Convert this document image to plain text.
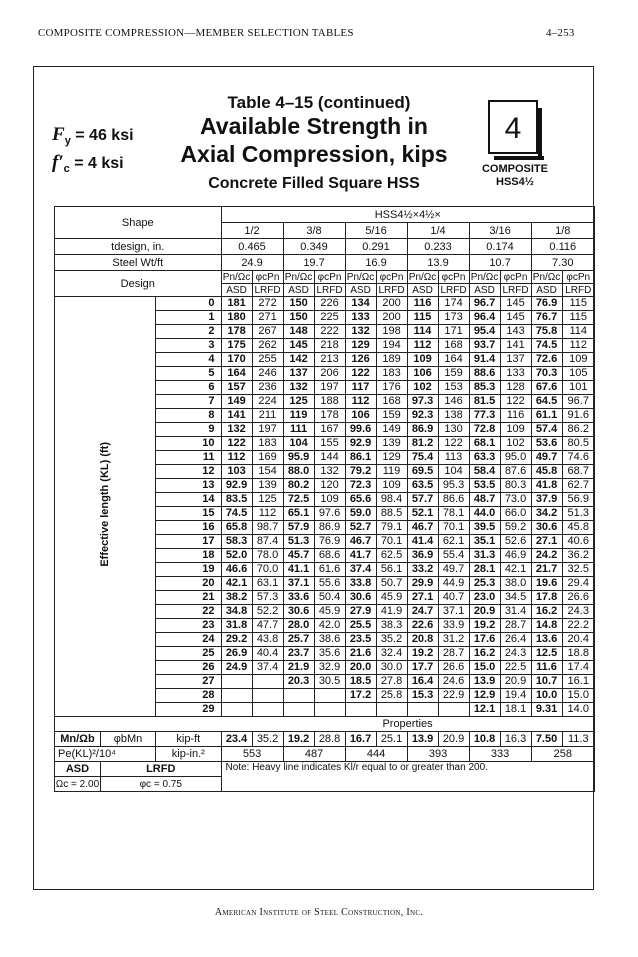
COMPOSITE COMPRESSION—MEMBER SELECTION TABLES	4–253
$F_y = 46$ ksi
$f'_c = 4$ ksi
Table 4–15 (continued)
Available Strength in
Axial Compression, kips
Concrete Filled Square HSS
4
COMPOSITE
HSS4½
Shape			HSS4½×4½×											
			1/2		3/8		5/16		1/4		3/16		1/8	
tdesign, in.			0.465		0.349		0.291		0.233		0.174		0.116	
Steel Wt/ft			24.9		19.7		16.9		13.9		10.7		7.30	
Design			Pn/Ωc	φcPn	Pn/Ωc	φcPn	Pn/Ωc	φcPn	Pn/Ωc	φcPn	Pn/Ωc	φcPn	Pn/Ωc	φcPn
			ASD	LRFD	ASD	LRFD	ASD	LRFD	ASD	LRFD	ASD	LRFD	ASD	LRFD
Effective length (KL) (ft)		0	181	272	150	226	134	200	116	174	96.7	145	76.9	115
		1	180	271	150	225	133	200	115	173	96.4	145	76.7	115
		2	178	267	148	222	132	198	114	171	95.4	143	75.8	114
		3	175	262	145	218	129	194	112	168	93.7	141	74.5	112
		4	170	255	142	213	126	189	109	164	91.4	137	72.6	109
		5	164	246	137	206	122	183	106	159	88.6	133	70.3	105
		6	157	236	132	197	117	176	102	153	85.3	128	67.6	101
		7	149	224	125	188	112	168	97.3	146	81.5	122	64.5	96.7
		8	141	211	119	178	106	159	92.3	138	77.3	116	61.1	91.6
		9	132	197	111	167	99.6	149	86.9	130	72.8	109	57.4	86.2
		10	122	183	104	155	92.9	139	81.2	122	68.1	102	53.6	80.5
		11	112	169	95.9	144	86.1	129	75.4	113	63.3	95.0	49.7	74.6
		12	103	154	88.0	132	79.2	119	69.5	104	58.4	87.6	45.8	68.7
		13	92.9	139	80.2	120	72.3	109	63.5	95.3	53.5	80.3	41.8	62.7
		14	83.5	125	72.5	109	65.6	98.4	57.7	86.6	48.7	73.0	37.9	56.9
		15	74.5	112	65.1	97.6	59.0	88.5	52.1	78.1	44.0	66.0	34.2	51.3
		16	65.8	98.7	57.9	86.9	52.7	79.1	46.7	70.1	39.5	59.2	30.6	45.8
		17	58.3	87.4	51.3	76.9	46.7	70.1	41.4	62.1	35.1	52.6	27.1	40.6
		18	52.0	78.0	45.7	68.6	41.7	62.5	36.9	55.4	31.3	46.9	24.2	36.2
		19	46.6	70.0	41.1	61.6	37.4	56.1	33.2	49.7	28.1	42.1	21.7	32.5
		20	42.1	63.1	37.1	55.6	33.8	50.7	29.9	44.9	25.3	38.0	19.6	29.4
		21	38.2	57.3	33.6	50.4	30.6	45.9	27.1	40.7	23.0	34.5	17.8	26.6
		22	34.8	52.2	30.6	45.9	27.9	41.9	24.7	37.1	20.9	31.4	16.2	24.3
		23	31.8	47.7	28.0	42.0	25.5	38.3	22.6	33.9	19.2	28.7	14.8	22.2
		24	29.2	43.8	25.7	38.6	23.5	35.2	20.8	31.2	17.6	26.4	13.6	20.4
		25	26.9	40.4	23.7	35.6	21.6	32.4	19.2	28.7	16.2	24.3	12.5	18.8
		26	24.9	37.4	21.9	32.9	20.0	30.0	17.7	26.6	15.0	22.5	11.6	17.4
		27			20.3	30.5	18.5	27.8	16.4	24.6	13.9	20.9	10.7	16.1
		28					17.2	25.8	15.3	22.9	12.9	19.4	10.0	15.0
		29									12.1	18.1	9.31	14.0
			Properties											
Mn/Ωb	φbMn	kip-ft	23.4	35.2	19.2	28.8	16.7	25.1	13.9	20.9	10.8	16.3	7.50	11.3
Pe(KL)²/10⁴		kip-in.²	553		487		444		393		333		258	
ASD	LRFD		Note: Heavy line indicates Kl/r equal to or greater than 200.											
Ωc = 2.00	φc = 0.75													
American Institute of Steel Construction, Inc.
